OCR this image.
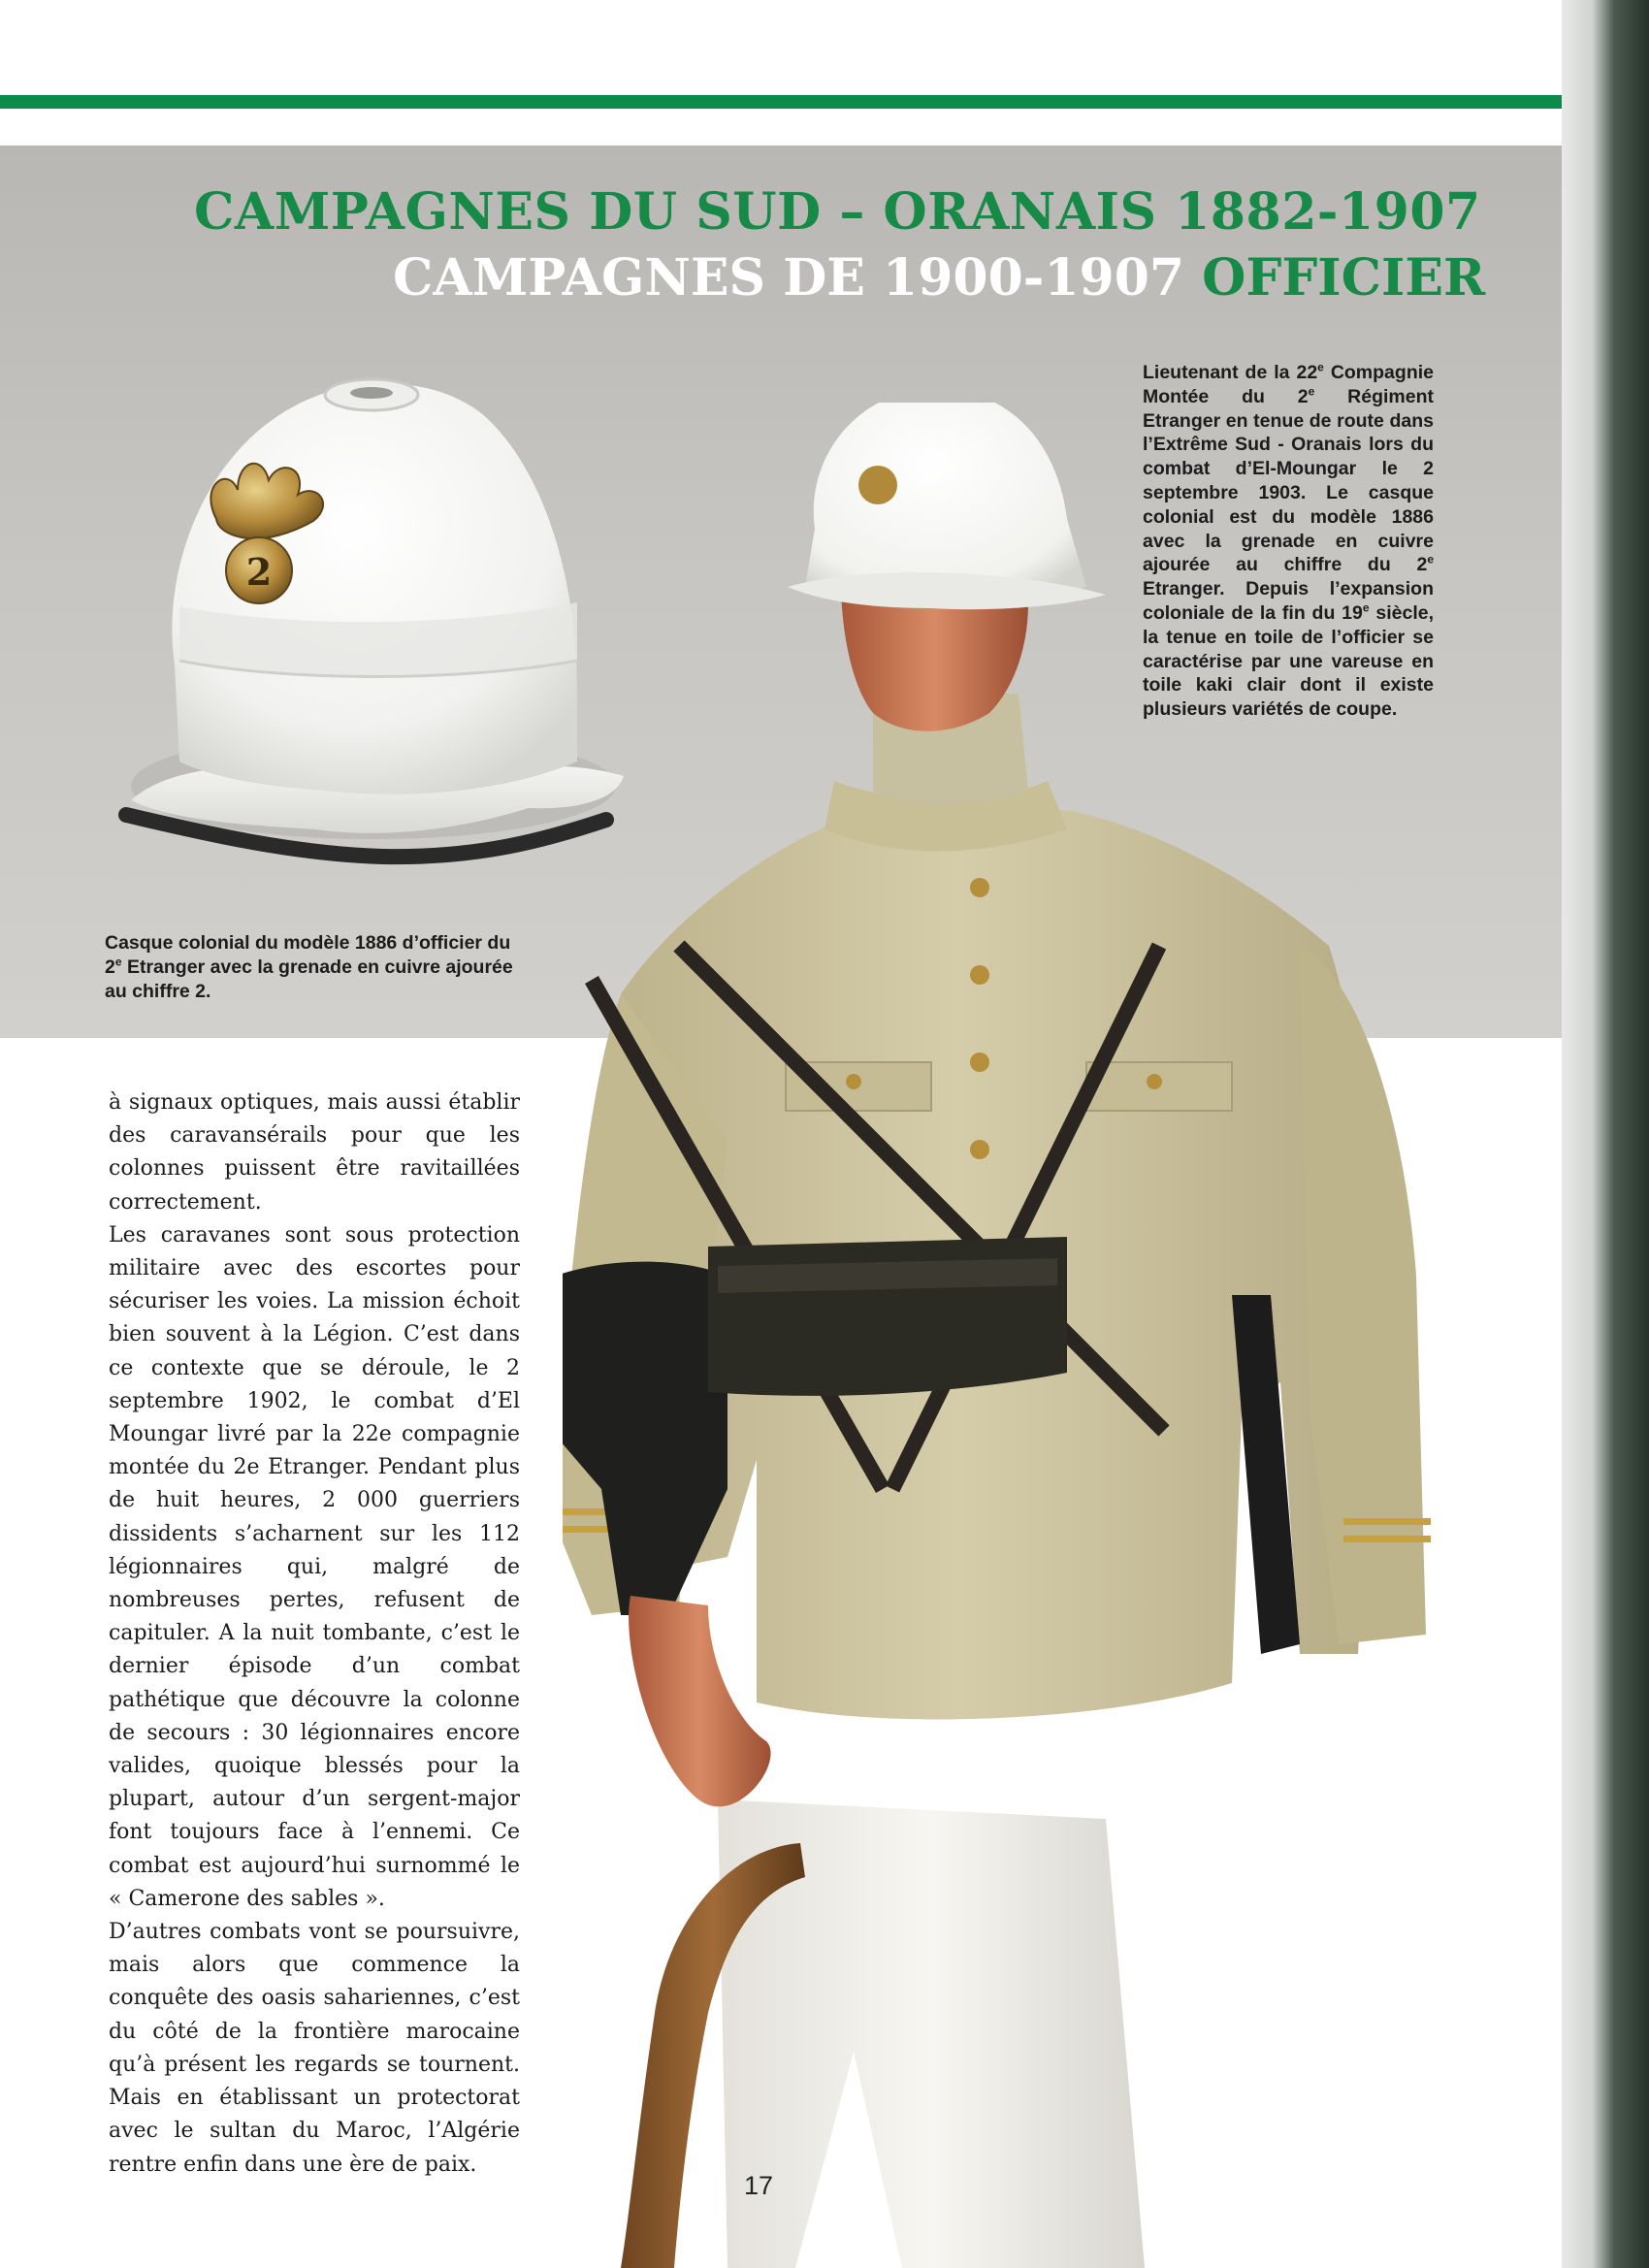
CAMPAGNES DU SUD – ORANAIS 1882-1907
CAMPAGNES DE 1900-1907 OFFICIER
2
Casque colonial du modèle 1886 d’officier du 2e Etranger avec la grenade en cuivre ajourée au chiffre 2.
Lieutenant de la 22e Compagnie Montée du 2e Régiment Etranger en tenue de route dans l’Extrême Sud - Oranais lors du combat d’El-Moungar le 2 septembre 1903. Le casque colonial est du modèle 1886 avec la grenade en cuivre ajourée au chiffre du 2e Etranger. Depuis l’expansion coloniale de la fin du 19e siècle, la tenue en toile de l’officier se caractérise par une vareuse en toile kaki clair dont il existe plusieurs variétés de coupe.

à signaux optiques, mais aussi établir des caravansérails pour que les colonnes puissent être ravitaillées correctement.

Les caravanes sont sous protection militaire avec des escortes pour sécuriser les voies. La mission échoit bien souvent à la Légion. C’est dans ce contexte que se déroule, le 2 septembre 1902, le combat d’El Moungar livré par la 22e compagnie montée du 2e Etranger. Pendant plus de huit heures, 2 000 guerriers dissidents s’acharnent sur les 112 légionnaires qui, malgré de nombreuses pertes, refusent de capituler. A la nuit tombante, c’est le dernier épisode d’un combat pathétique que découvre la colonne de secours : 30 légionnaires encore valides, quoique blessés pour la plupart, autour d’un sergent-major font toujours face à l’ennemi. Ce combat est aujourd’hui surnommé le « Camerone des sables ».

D’autres combats vont se poursuivre, mais alors que commence la conquête des oasis sahariennes, c’est du côté de la frontière marocaine qu’à présent les regards se tournent. Mais en établissant un protectorat avec le sultan du Maroc, l’Algérie rentre enfin dans une ère de paix.

17
